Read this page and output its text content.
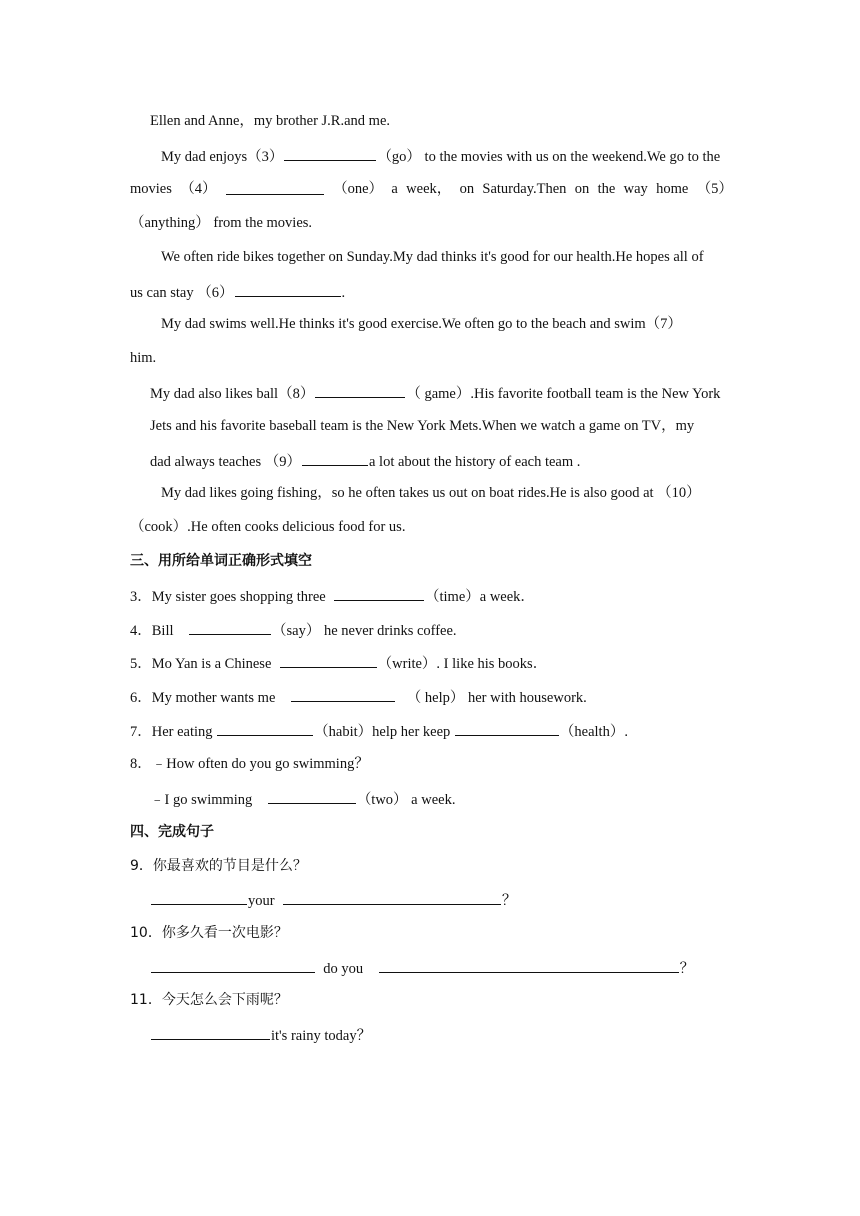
Ellen and Anne，my brother J.R.and me.
My dad enjoys（3）	（go） to the movies with us on the weekend.We go to the
movies （4）	（one） a week， on Saturday.Then on the way home （5）
（anything） from the movies.
We often ride bikes together on Sunday.My dad thinks it's good for our health.He hopes all of
us can stay （6）	.
My dad swims well.He thinks it's good exercise.We often go to the beach and swim（7）
him.
My dad also likes ball（8）	（ game）.His favorite football team is the New York
Jets and his favorite baseball team is the New York Mets.When we watch a game on TV，my
dad always teaches （9）	a lot about the history of each team .
My dad likes going fishing，so he often takes us out on boat rides.He is also good at （10）
（cook）.He often cooks delicious food for us.
三、用所给单词正确形式填空
3．My sister goes shopping three	（time）a week．
4．Bill	（say） he never drinks coffee.
5．Mo Yan is a Chinese	（write）. I like his books．
6．My mother wants me	（ help） her with housework.
7．Her eating	（habit）help her keep	（health）.
8．﹣How often do you go swimming？
﹣I go swimming	（two） a week.
四、完成句子
9．你最喜欢的节目是什么？
your	？
10．你多久看一次电影？
do you	？
11．今天怎么会下雨呢？
it's rainy today？
